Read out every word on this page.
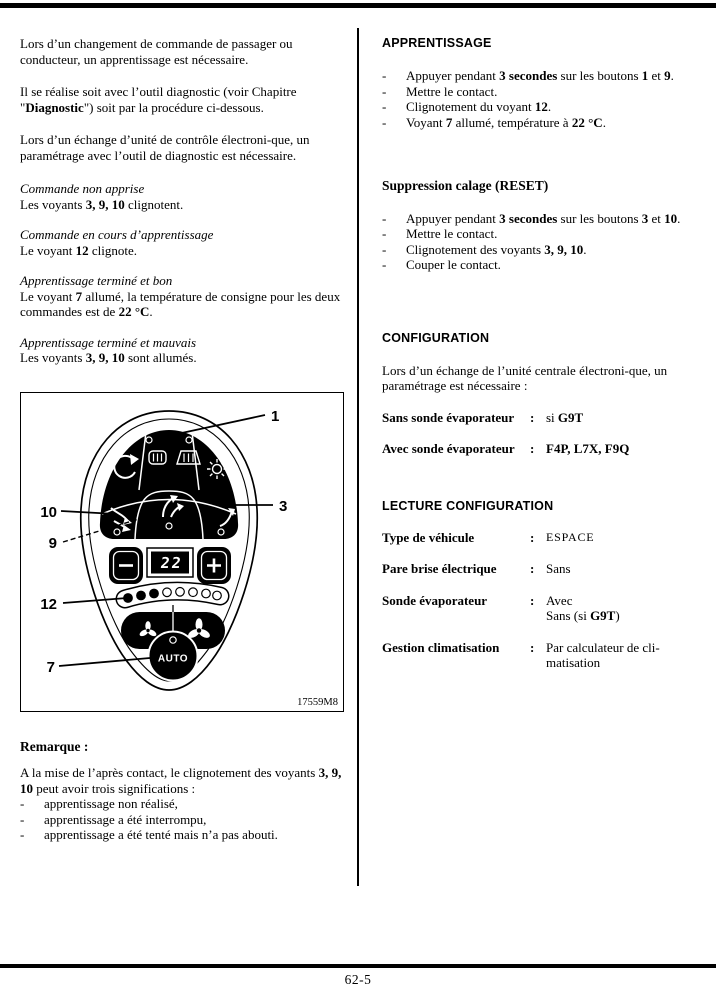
Lors d’un changement de commande de passager ou conducteur, un apprentissage est nécessaire.

Il se réalise soit avec l’outil diagnostic (voir Chapitre "Diagnostic") soit par la procédure ci-dessous.

Lors d’un échange d’unité de contrôle électroni-que, un paramétrage avec l’outil de diagnostic est nécessaire.

Commande non apprise

Les voyants 3, 9, 10 clignotent.

Commande en cours d’apprentissage

Le voyant 12 clignote.

Apprentissage terminé et bon

Le voyant 7 allumé, la température de consigne pour les deux commandes est de 22 °C.

Apprentissage terminé et mauvais

Les voyants 3, 9, 10 sont allumés.

22
AUTO
1
3
10
9
12
7
17559M8

Remarque :

A la mise de l’après contact, le clignotement des voyants 3, 9, 10 peut avoir trois significations :

-	apprentissage non réalisé,
-	apprentissage a été interrompu,
-	apprentissage a été tenté mais n’a pas abouti.

APPRENTISSAGE

-	Appuyer pendant 3 secondes sur les boutons 1 et 9.
-	Mettre le contact.
-	Clignotement du voyant 12.
-	Voyant 7 allumé, température à 22 °C.

Suppression calage (RESET)

-	Appuyer pendant 3 secondes sur les boutons 3 et 10.
-	Mettre le contact.
-	Clignotement des voyants 3, 9, 10.
-	Couper le contact.

CONFIGURATION

Lors d’un échange de l’unité centrale électroni-que, un paramétrage est nécessaire :

Sans sonde évaporateur	: si G9T
Avec sonde évaporateur	: F4P, L7X, F9Q

LECTURE CONFIGURATION

Type de véhicule	: ESPACE
Pare brise électrique	: Sans
Sonde évaporateur	: Avec
Sans (si G9T)
Gestion climatisation	: Par calculateur de cli-
matisation
62-5
